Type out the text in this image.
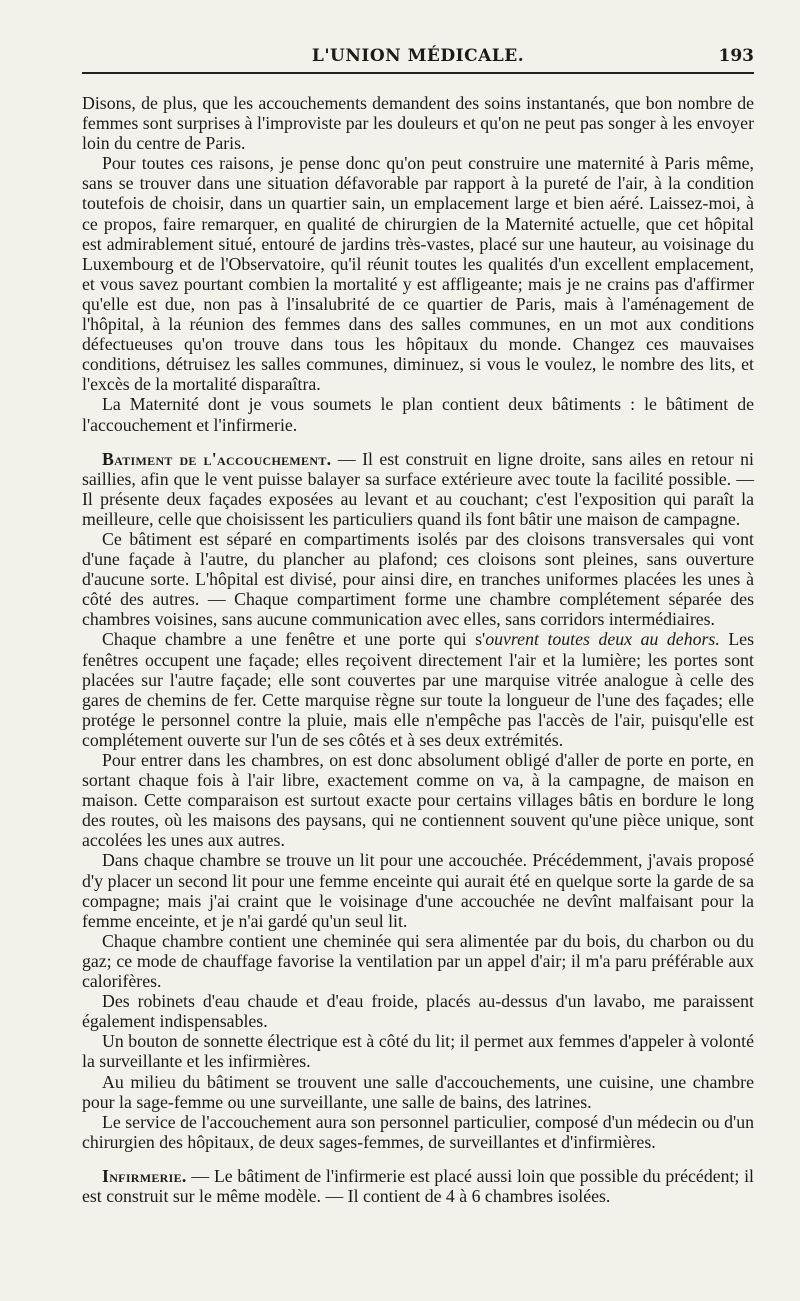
L'UNION MÉDICALE.	193

Disons, de plus, que les accouchements demandent des soins instantanés, que bon nombre de femmes sont surprises à l'improviste par les douleurs et qu'on ne peut pas songer à les envoyer loin du centre de Paris.

Pour toutes ces raisons, je pense donc qu'on peut construire une maternité à Paris même, sans se trouver dans une situation défavorable par rapport à la pureté de l'air, à la condition toutefois de choisir, dans un quartier sain, un emplacement large et bien aéré. Laissez-moi, à ce propos, faire remarquer, en qualité de chirurgien de la Maternité actuelle, que cet hôpital est admirablement situé, entouré de jardins très-vastes, placé sur une hauteur, au voisinage du Luxembourg et de l'Observatoire, qu'il réunit toutes les qualités d'un excellent emplacement, et vous savez pourtant combien la mortalité y est affligeante; mais je ne crains pas d'affirmer qu'elle est due, non pas à l'insalubrité de ce quartier de Paris, mais à l'aménagement de l'hôpital, à la réunion des femmes dans des salles communes, en un mot aux conditions défectueuses qu'on trouve dans tous les hôpitaux du monde. Changez ces mauvaises conditions, détruisez les salles communes, diminuez, si vous le voulez, le nombre des lits, et l'excès de la mortalité disparaîtra.

La Maternité dont je vous soumets le plan contient deux bâtiments : le bâtiment de l'accouchement et l'infirmerie.

Batiment de l'accouchement. — Il est construit en ligne droite, sans ailes en retour ni saillies, afin que le vent puisse balayer sa surface extérieure avec toute la facilité possible. — Il présente deux façades exposées au levant et au couchant; c'est l'exposition qui paraît la meilleure, celle que choisissent les particuliers quand ils font bâtir une maison de campagne.

Ce bâtiment est séparé en compartiments isolés par des cloisons transversales qui vont d'une façade à l'autre, du plancher au plafond; ces cloisons sont pleines, sans ouverture d'aucune sorte. L'hôpital est divisé, pour ainsi dire, en tranches uniformes placées les unes à côté des autres. — Chaque compartiment forme une chambre complétement séparée des chambres voisines, sans aucune communication avec elles, sans corridors intermédiaires.

Chaque chambre a une fenêtre et une porte qui s'ouvrent toutes deux au dehors. Les fenêtres occupent une façade; elles reçoivent directement l'air et la lumière; les portes sont placées sur l'autre façade; elle sont couvertes par une marquise vitrée analogue à celle des gares de chemins de fer. Cette marquise règne sur toute la longueur de l'une des façades; elle protége le personnel contre la pluie, mais elle n'empêche pas l'accès de l'air, puisqu'elle est complétement ouverte sur l'un de ses côtés et à ses deux extrémités.

Pour entrer dans les chambres, on est donc absolument obligé d'aller de porte en porte, en sortant chaque fois à l'air libre, exactement comme on va, à la campagne, de maison en maison. Cette comparaison est surtout exacte pour certains villages bâtis en bordure le long des routes, où les maisons des paysans, qui ne contiennent souvent qu'une pièce unique, sont accolées les unes aux autres.

Dans chaque chambre se trouve un lit pour une accouchée. Précédemment, j'avais proposé d'y placer un second lit pour une femme enceinte qui aurait été en quelque sorte la garde de sa compagne; mais j'ai craint que le voisinage d'une accouchée ne devînt malfaisant pour la femme enceinte, et je n'ai gardé qu'un seul lit.

Chaque chambre contient une cheminée qui sera alimentée par du bois, du charbon ou du gaz; ce mode de chauffage favorise la ventilation par un appel d'air; il m'a paru préférable aux calorifères.

Des robinets d'eau chaude et d'eau froide, placés au-dessus d'un lavabo, me paraissent également indispensables.

Un bouton de sonnette électrique est à côté du lit; il permet aux femmes d'appeler à volonté la surveillante et les infirmières.

Au milieu du bâtiment se trouvent une salle d'accouchements, une cuisine, une chambre pour la sage-femme ou une surveillante, une salle de bains, des latrines.

Le service de l'accouchement aura son personnel particulier, composé d'un médecin ou d'un chirurgien des hôpitaux, de deux sages-femmes, de surveillantes et d'infirmières.

Infirmerie. — Le bâtiment de l'infirmerie est placé aussi loin que possible du précédent; il est construit sur le même modèle. — Il contient de 4 à 6 chambres isolées.
